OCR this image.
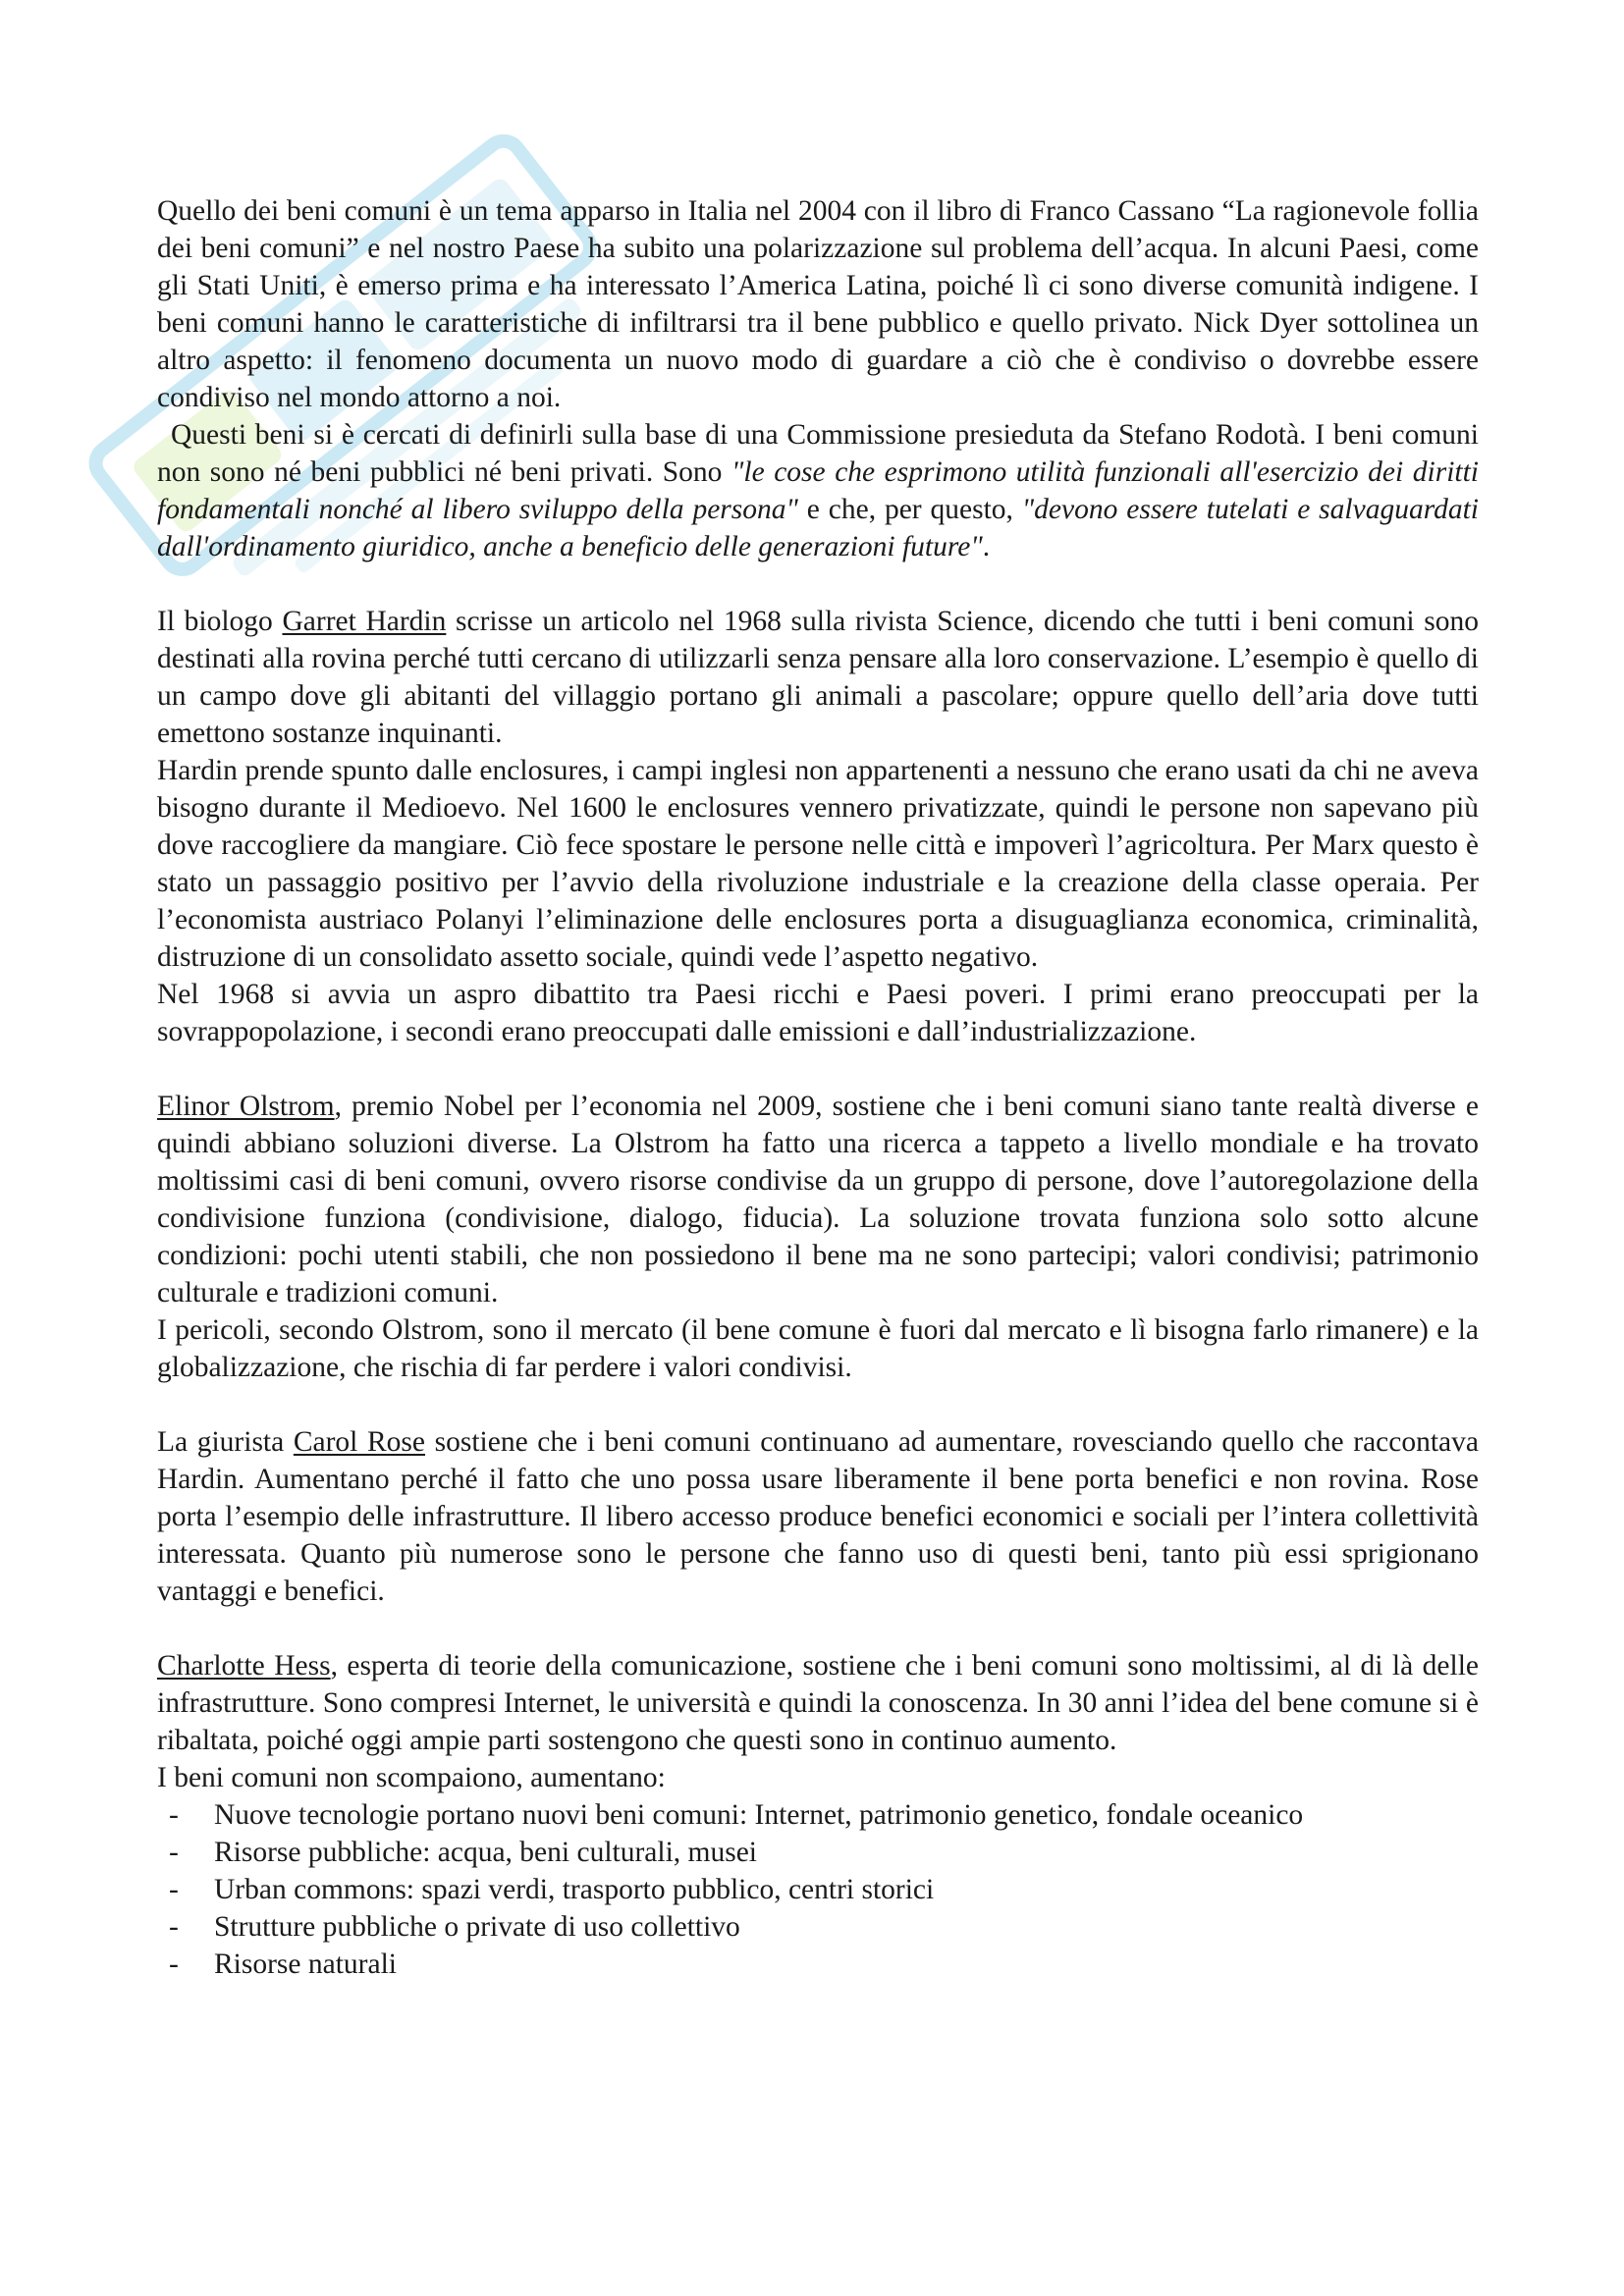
Quello dei beni comuni è un tema apparso in Italia nel 2004 con il libro di Franco Cassano “La ragionevole follia dei beni comuni” e nel nostro Paese ha subito una polarizzazione sul problema dell’acqua. In alcuni Paesi, come gli Stati Uniti, è emerso prima e ha interessato l’America Latina, poiché lì ci sono diverse comunità indigene. I beni comuni hanno le caratteristiche di infiltrarsi tra il bene pubblico e quello privato. Nick Dyer sottolinea un altro aspetto: il fenomeno documenta un nuovo modo di guardare a ciò che è condiviso o dovrebbe essere condiviso nel mondo attorno a noi.

Questi beni si è cercati di definirli sulla base di una Commissione presieduta da Stefano Rodotà. I beni comuni non sono né beni pubblici né beni privati. Sono "le cose che esprimono utilità funzionali all'esercizio dei diritti fondamentali nonché al libero sviluppo della persona" e che, per questo, "devono essere tutelati e salvaguardati dall'ordinamento giuridico, anche a beneficio delle generazioni future".

Il biologo Garret Hardin scrisse un articolo nel 1968 sulla rivista Science, dicendo che tutti i beni comuni sono destinati alla rovina perché tutti cercano di utilizzarli senza pensare alla loro conservazione. L’esempio è quello di un campo dove gli abitanti del villaggio portano gli animali a pascolare; oppure quello dell’aria dove tutti emettono sostanze inquinanti.

Hardin prende spunto dalle enclosures, i campi inglesi non appartenenti a nessuno che erano usati da chi ne aveva bisogno durante il Medioevo. Nel 1600 le enclosures vennero privatizzate, quindi le persone non sapevano più dove raccogliere da mangiare. Ciò fece spostare le persone nelle città e impoverì l’agricoltura. Per Marx questo è stato un passaggio positivo per l’avvio della rivoluzione industriale e la creazione della classe operaia. Per l’economista austriaco Polanyi l’eliminazione delle enclosures porta a disuguaglianza economica, criminalità, distruzione di un consolidato assetto sociale, quindi vede l’aspetto negativo.

Nel 1968 si avvia un aspro dibattito tra Paesi ricchi e Paesi poveri. I primi erano preoccupati per la sovrappopolazione, i secondi erano preoccupati dalle emissioni e dall’industrializzazione.

Elinor Olstrom, premio Nobel per l’economia nel 2009, sostiene che i beni comuni siano tante realtà diverse e quindi abbiano soluzioni diverse. La Olstrom ha fatto una ricerca a tappeto a livello mondiale e ha trovato moltissimi casi di beni comuni, ovvero risorse condivise da un gruppo di persone, dove l’autoregolazione della condivisione funziona (condivisione, dialogo, fiducia). La soluzione trovata funziona solo sotto alcune condizioni: pochi utenti stabili, che non possiedono il bene ma ne sono partecipi; valori condivisi; patrimonio culturale e tradizioni comuni.

I pericoli, secondo Olstrom, sono il mercato (il bene comune è fuori dal mercato e lì bisogna farlo rimanere) e la globalizzazione, che rischia di far perdere i valori condivisi.

La giurista Carol Rose sostiene che i beni comuni continuano ad aumentare, rovesciando quello che raccontava Hardin. Aumentano perché il fatto che uno possa usare liberamente il bene porta benefici e non rovina. Rose porta l’esempio delle infrastrutture. Il libero accesso produce benefici economici e sociali per l’intera collettività interessata. Quanto più numerose sono le persone che fanno uso di questi beni, tanto più essi sprigionano vantaggi e benefici.

Charlotte Hess, esperta di teorie della comunicazione, sostiene che i beni comuni sono moltissimi, al di là delle infrastrutture. Sono compresi Internet, le università e quindi la conoscenza. In 30 anni l’idea del bene comune si è ribaltata, poiché oggi ampie parti sostengono che questi sono in continuo aumento.

I beni comuni non scompaiono, aumentano:

- Nuove tecnologie portano nuovi beni comuni: Internet, patrimonio genetico, fondale oceanico
- Risorse pubbliche: acqua, beni culturali, musei
- Urban commons: spazi verdi, trasporto pubblico, centri storici
- Strutture pubbliche o private di uso collettivo
- Risorse naturali
